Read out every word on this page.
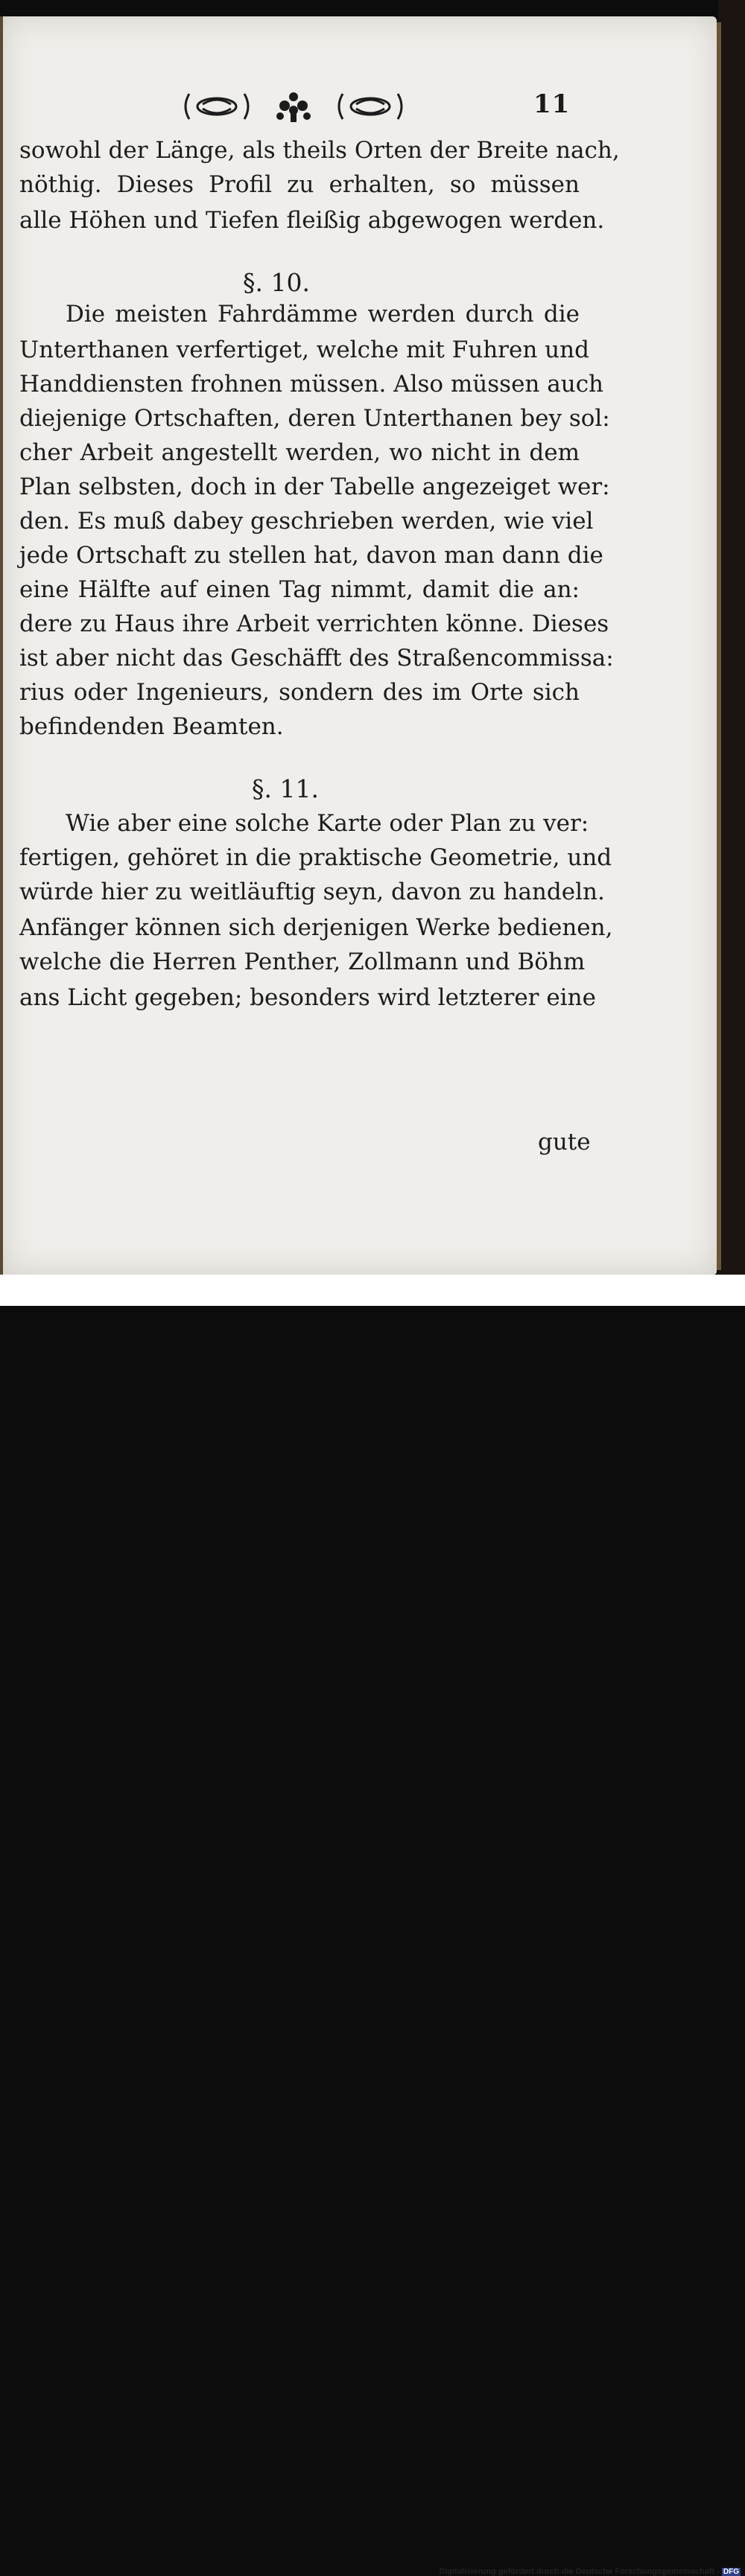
11
sowohl der Länge, als theils Orten der Breite nach,
nöthig. Dieses Profil zu erhalten, so müssen
alle Höhen und Tiefen fleißig abgewogen werden.
§. 10.
Die meisten Fahrdämme werden durch die
Unterthanen verfertiget, welche mit Fuhren und
Handdiensten frohnen müssen. Also müssen auch
diejenige Ortschaften, deren Unterthanen bey sol:
cher Arbeit angestellt werden, wo nicht in dem
Plan selbsten, doch in der Tabelle angezeiget wer:
den. Es muß dabey geschrieben werden, wie viel
jede Ortschaft zu stellen hat, davon man dann die
eine Hälfte auf einen Tag nimmt, damit die an:
dere zu Haus ihre Arbeit verrichten könne. Dieses
ist aber nicht das Geschäfft des Straßencommissa:
rius oder Ingenieurs, sondern des im Orte sich
befindenden Beamten.
§. 11.
Wie aber eine solche Karte oder Plan zu ver:
fertigen, gehöret in die praktische Geometrie, und
würde hier zu weitläuftig seyn, davon zu handeln.
Anfänger können sich derjenigen Werke bedienen,
welche die Herren Penther, Zollmann und Böhm
ans Licht gegeben; besonders wird letzterer eine
gute
Digitalisierung gefördert durch die Deutsche Forschungsgemeinschaft - DFG
